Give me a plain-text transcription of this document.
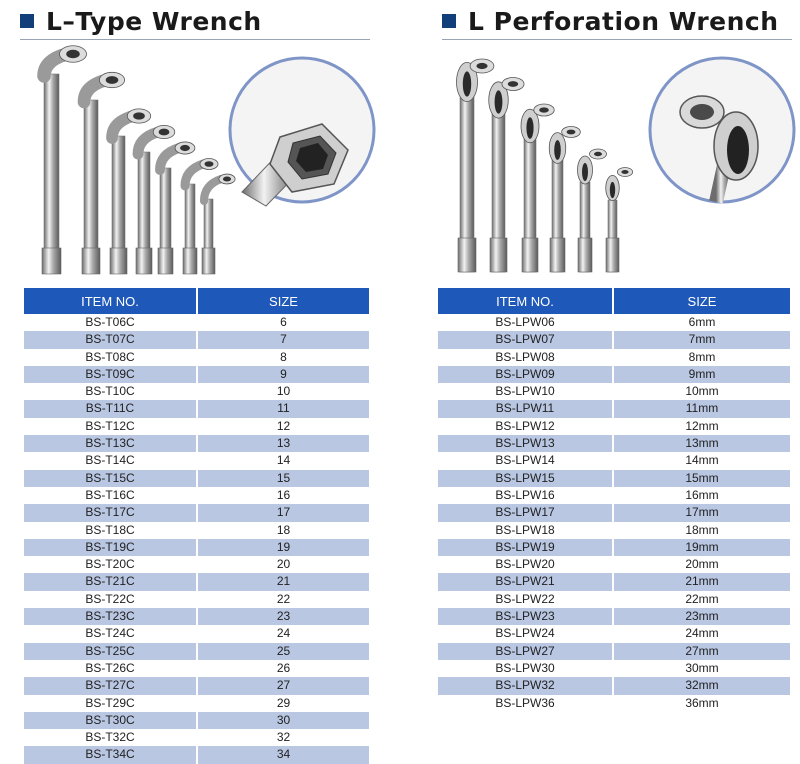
L–Type Wrench
ITEM NO.	SIZE
BS-T06C	6
BS-T07C	7
BS-T08C	8
BS-T09C	9
BS-T10C	10
BS-T11C	11
BS-T12C	12
BS-T13C	13
BS-T14C	14
BS-T15C	15
BS-T16C	16
BS-T17C	17
BS-T18C	18
BS-T19C	19
BS-T20C	20
BS-T21C	21
BS-T22C	22
BS-T23C	23
BS-T24C	24
BS-T25C	25
BS-T26C	26
BS-T27C	27
BS-T29C	29
BS-T30C	30
BS-T32C	32
BS-T34C	34
L Perforation Wrench
ITEM NO.	SIZE
BS-LPW06	6mm
BS-LPW07	7mm
BS-LPW08	8mm
BS-LPW09	9mm
BS-LPW10	10mm
BS-LPW11	11mm
BS-LPW12	12mm
BS-LPW13	13mm
BS-LPW14	14mm
BS-LPW15	15mm
BS-LPW16	16mm
BS-LPW17	17mm
BS-LPW18	18mm
BS-LPW19	19mm
BS-LPW20	20mm
BS-LPW21	21mm
BS-LPW22	22mm
BS-LPW23	23mm
BS-LPW24	24mm
BS-LPW27	27mm
BS-LPW30	30mm
BS-LPW32	32mm
BS-LPW36	36mm
